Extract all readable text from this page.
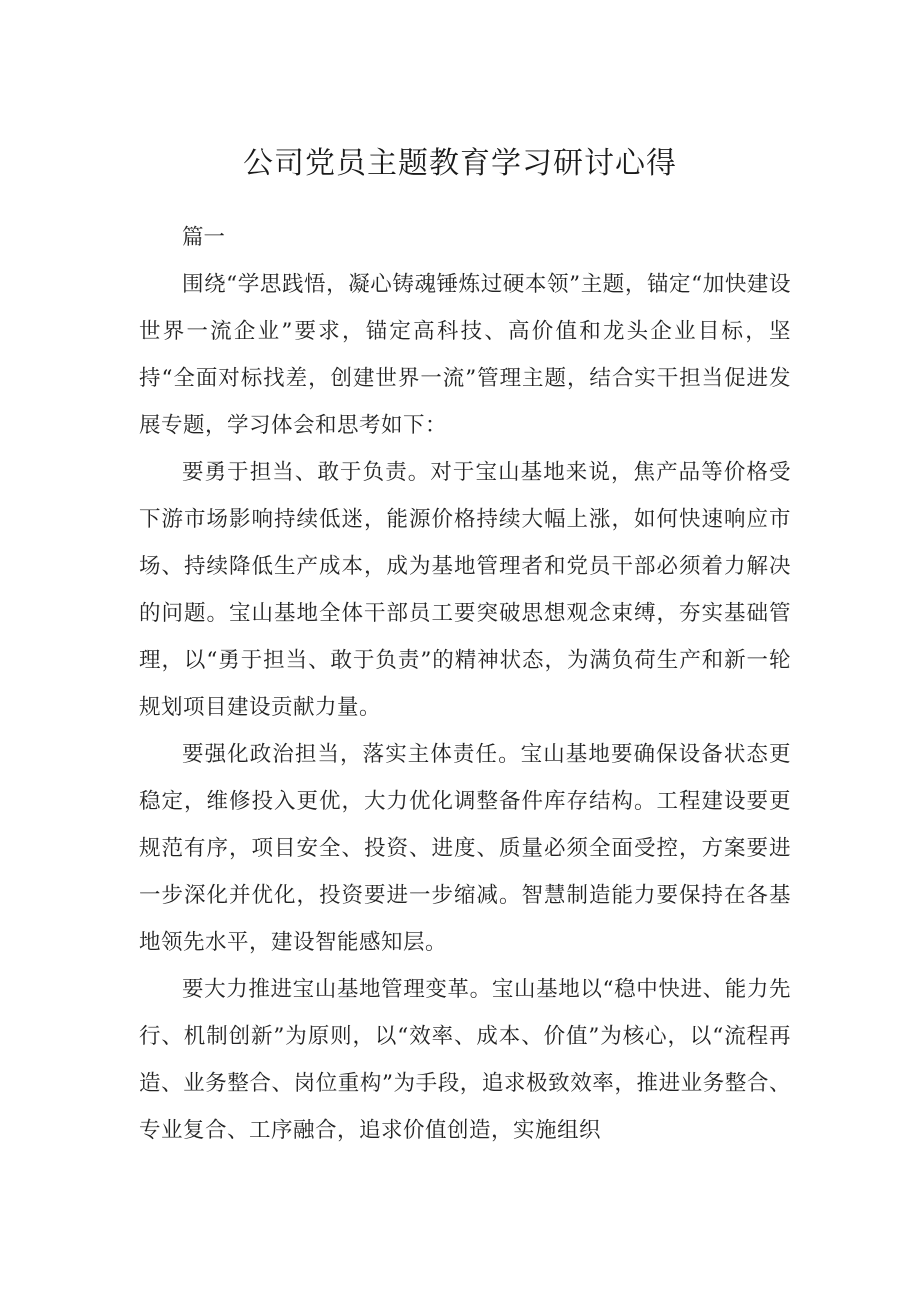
公司党员主题教育学习研讨心得

篇一

围绕“学思践悟，凝心铸魂锤炼过硬本领”主题，锚定“加快建设世界一流企业”要求，锚定高科技、高价值和龙头企业目标，坚持“全面对标找差，创建世界一流”管理主题，结合实干担当促进发展专题，学习体会和思考如下：

要勇于担当、敢于负责。对于宝山基地来说，焦产品等价格受下游市场影响持续低迷，能源价格持续大幅上涨，如何快速响应市场、持续降低生产成本，成为基地管理者和党员干部必须着力解决的问题。宝山基地全体干部员工要突破思想观念束缚，夯实基础管理，以“勇于担当、敢于负责”的精神状态，为满负荷生产和新一轮规划项目建设贡献力量。

要强化政治担当，落实主体责任。宝山基地要确保设备状态更稳定，维修投入更优，大力优化调整备件库存结构。工程建设要更规范有序，项目安全、投资、进度、质量必须全面受控，方案要进一步深化并优化，投资要进一步缩减。智慧制造能力要保持在各基地领先水平，建设智能感知层。

要大力推进宝山基地管理变革。宝山基地以“稳中快进、能力先行、机制创新”为原则，以“效率、成本、价值”为核心，以“流程再造、业务整合、岗位重构”为手段，追求极致效率，推进业务整合、专业复合、工序融合，追求价值创造，实施组织
